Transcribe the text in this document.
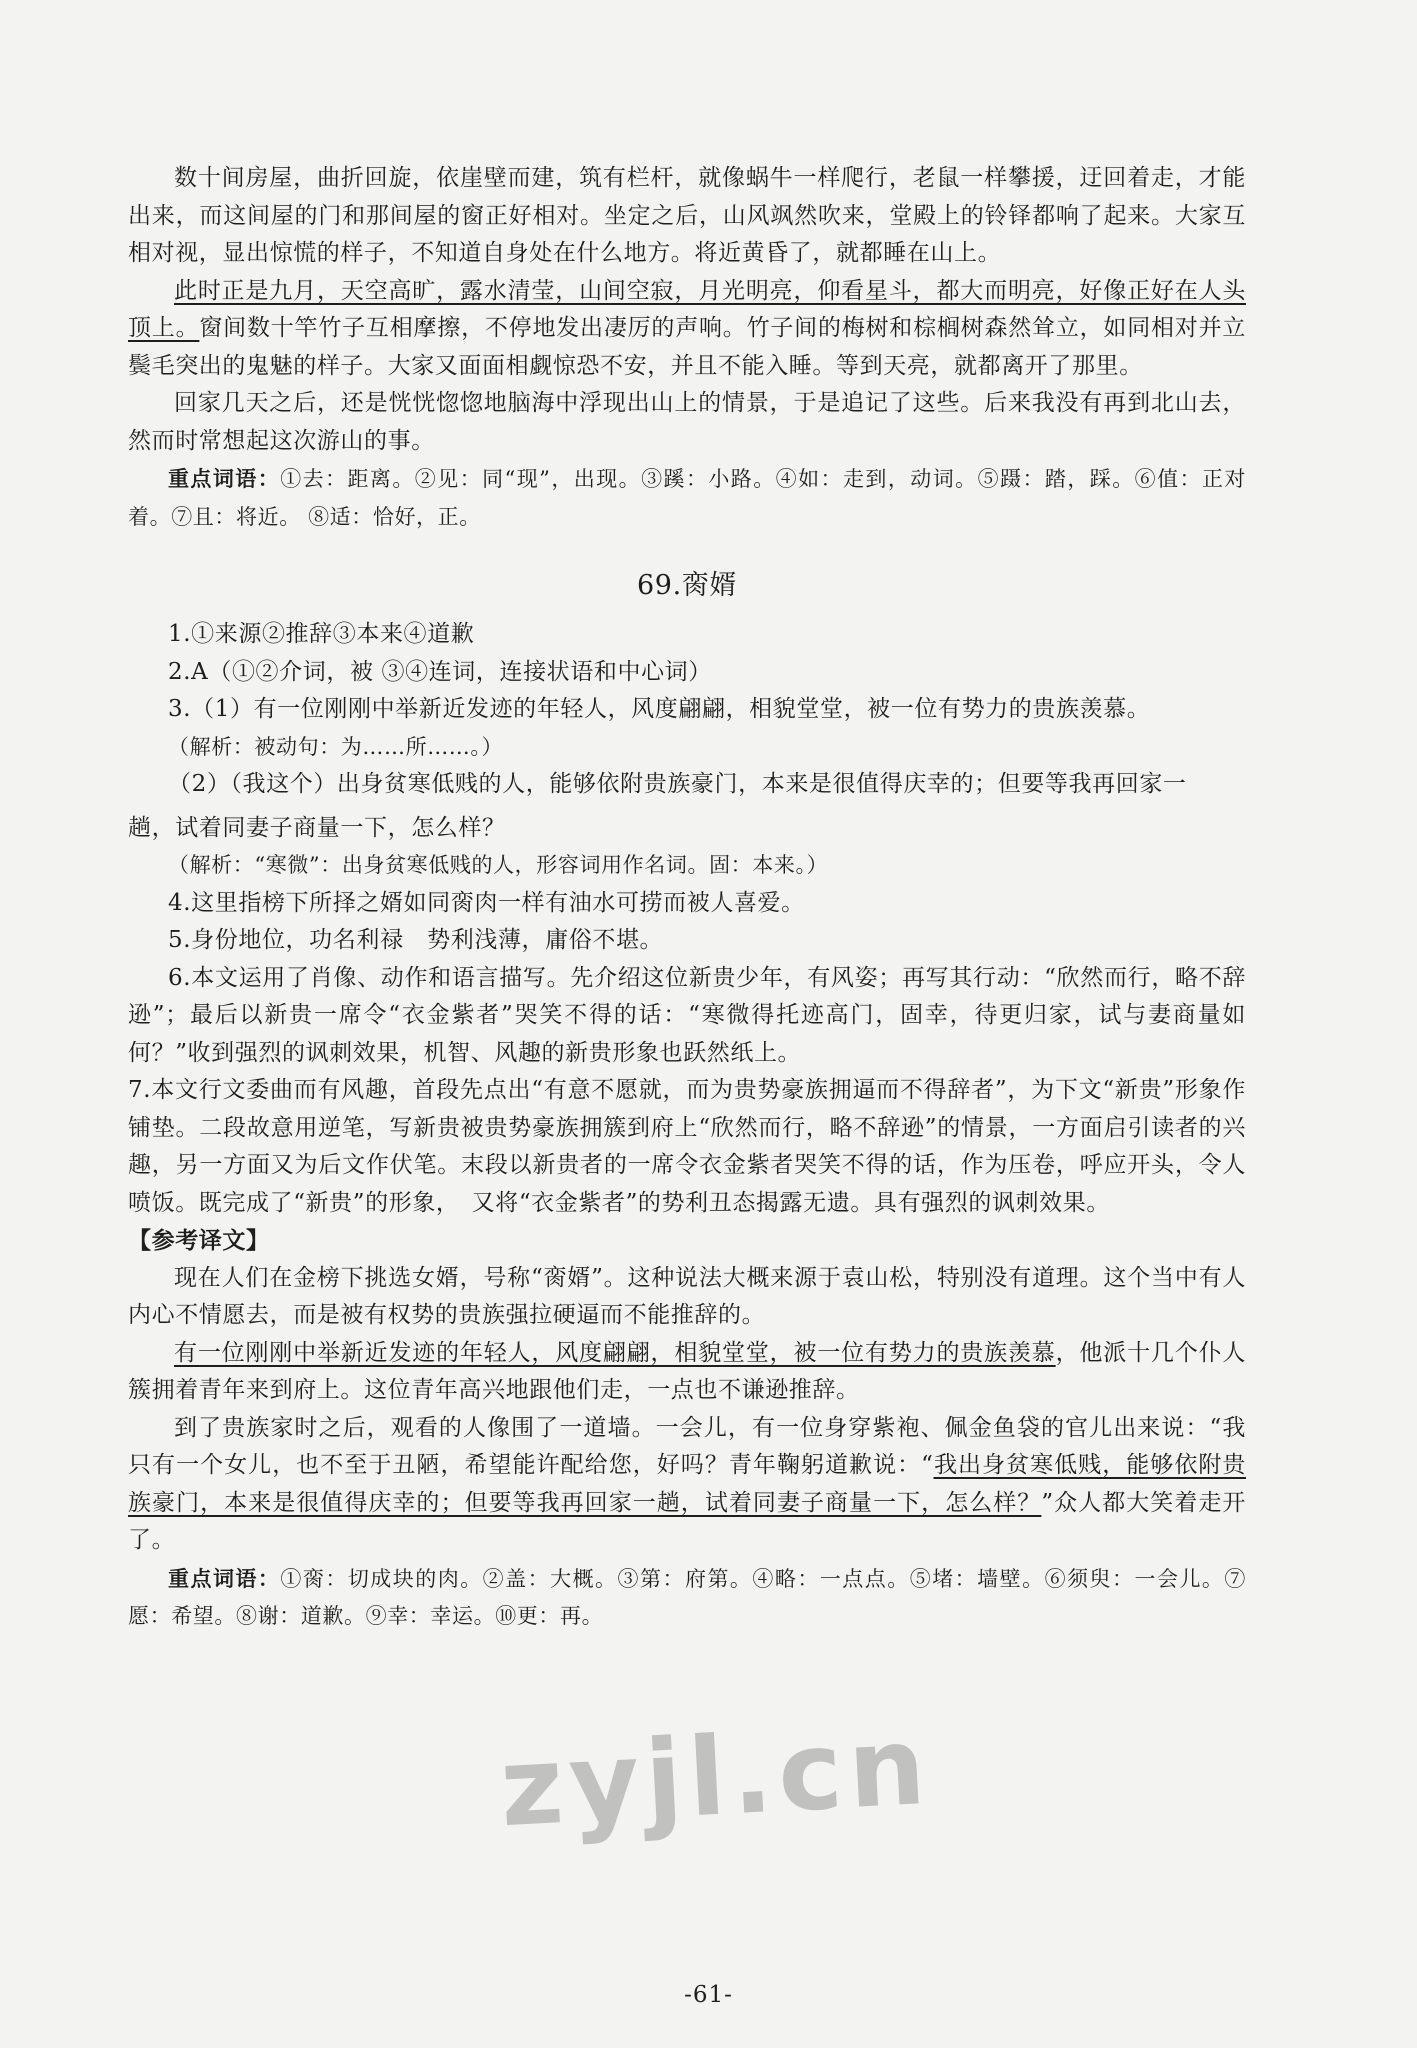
数十间房屋，曲折回旋，依崖壁而建，筑有栏杆，就像蜗牛一样爬行，老鼠一样攀援，迂回着走，才能出来，而这间屋的门和那间屋的窗正好相对。坐定之后，山风飒然吹来，堂殿上的铃铎都响了起来。大家互相对视，显出惊慌的样子，不知道自身处在什么地方。将近黄昏了，就都睡在山上。

此时正是九月，天空高旷，露水清莹，山间空寂，月光明亮，仰看星斗，都大而明亮，好像正好在人头顶上。窗间数十竿竹子互相摩擦，不停地发出凄厉的声响。竹子间的梅树和棕榈树森然耸立，如同相对并立鬓毛突出的鬼魅的样子。大家又面面相觑惊恐不安，并且不能入睡。等到天亮，就都离开了那里。

回家几天之后，还是恍恍惚惚地脑海中浮现出山上的情景，于是追记了这些。后来我没有再到北山去，然而时常想起这次游山的事。

重点词语：①去：距离。②见：同“现”，出现。③蹊：小路。④如：走到，动词。⑤蹑：踏，踩。⑥值：正对着。⑦且：将近。 ⑧适：恰好，正。

69.脔婿

1.①来源②推辞③本来④道歉

2.A（①②介词，被 ③④连词，连接状语和中心词）

3.（1）有一位刚刚中举新近发迹的年轻人，风度翩翩，相貌堂堂，被一位有势力的贵族羡慕。

（解析：被动句：为……所……。）

（2）（我这个）出身贫寒低贱的人，能够依附贵族豪门，本来是很值得庆幸的；但要等我再回家一

趟，试着同妻子商量一下，怎么样？

（解析：“寒微”：出身贫寒低贱的人，形容词用作名词。固：本来。）

4.这里指榜下所择之婿如同脔肉一样有油水可捞而被人喜爱。

5.身份地位，功名利禄　势利浅薄，庸俗不堪。

6.本文运用了肖像、动作和语言描写。先介绍这位新贵少年，有风姿；再写其行动：“欣然而行，略不辞逊”；最后以新贵一席令“衣金紫者”哭笑不得的话：“寒微得托迹高门，固幸，待更归家，试与妻商量如何？”收到强烈的讽刺效果，机智、风趣的新贵形象也跃然纸上。

7.本文行文委曲而有风趣，首段先点出“有意不愿就，而为贵势豪族拥逼而不得辞者”，为下文“新贵”形象作铺垫。二段故意用逆笔，写新贵被贵势豪族拥簇到府上“欣然而行，略不辞逊”的情景，一方面启引读者的兴趣，另一方面又为后文作伏笔。末段以新贵者的一席令衣金紫者哭笑不得的话，作为压卷，呼应开头，令人喷饭。既完成了“新贵”的形象，　又将“衣金紫者”的势利丑态揭露无遗。具有强烈的讽刺效果。

【参考译文】

现在人们在金榜下挑选女婿，号称“脔婿”。这种说法大概来源于袁山松，特别没有道理。这个当中有人内心不情愿去，而是被有权势的贵族强拉硬逼而不能推辞的。

有一位刚刚中举新近发迹的年轻人，风度翩翩，相貌堂堂，被一位有势力的贵族羡慕，他派十几个仆人簇拥着青年来到府上。这位青年高兴地跟他们走，一点也不谦逊推辞。

到了贵族家时之后，观看的人像围了一道墙。一会儿，有一位身穿紫袍、佩金鱼袋的官儿出来说：“我只有一个女儿，也不至于丑陋，希望能许配给您，好吗？青年鞠躬道歉说：“我出身贫寒低贱，能够依附贵族豪门，本来是很值得庆幸的；但要等我再回家一趟，试着同妻子商量一下，怎么样？”众人都大笑着走开了。

重点词语：①脔：切成块的肉。②盖：大概。③第：府第。④略：一点点。⑤堵：墙壁。⑥须臾：一会儿。⑦愿：希望。⑧谢：道歉。⑨幸：幸运。⑩更：再。

zyjl.cn
-61-
